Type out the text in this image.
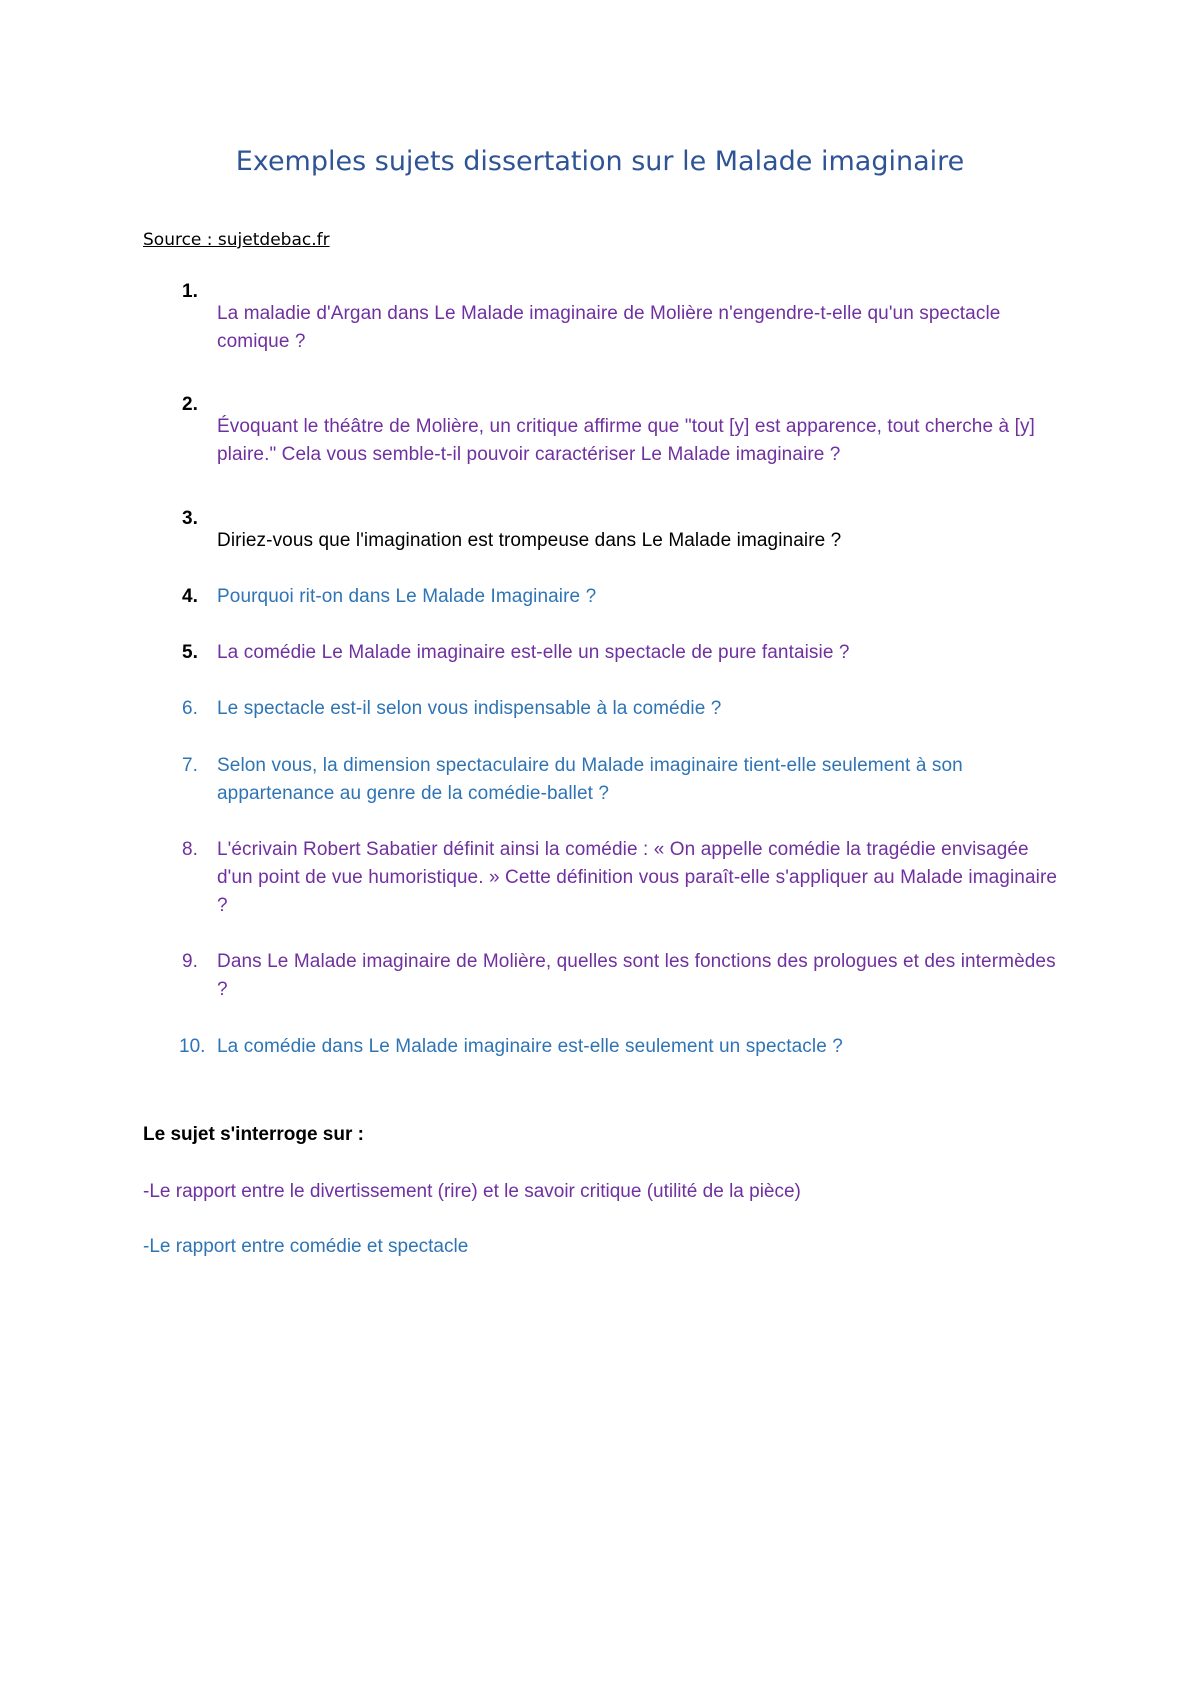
Exemples sujets dissertation sur le Malade imaginaire
Source : sujetdebac.fr
1.
La maladie d'Argan dans Le Malade imaginaire de Molière n'engendre-t-elle qu'un spectacle comique ?
2.
Évoquant le théâtre de Molière, un critique affirme que "tout [y] est apparence, tout cherche à [y] plaire." Cela vous semble-t-il pouvoir caractériser Le Malade imaginaire ?
3.
Diriez-vous que l'imagination est trompeuse dans Le Malade imaginaire ?
4. Pourquoi rit-on dans Le Malade Imaginaire ?
5. La comédie Le Malade imaginaire est-elle un spectacle de pure fantaisie ?
6. Le spectacle est-il selon vous indispensable à la comédie ?
7. Selon vous, la dimension spectaculaire du Malade imaginaire tient-elle seulement à son appartenance au genre de la comédie-ballet ?
8. L'écrivain Robert Sabatier définit ainsi la comédie : « On appelle comédie la tragédie envisagée d'un point de vue humoristique. » Cette définition vous paraît-elle s'appliquer au Malade imaginaire ?
9. Dans Le Malade imaginaire de Molière, quelles sont les fonctions des prologues et des intermèdes ?
10. La comédie dans Le Malade imaginaire est-elle seulement un spectacle ?
Le sujet s'interroge sur :
-Le rapport entre le divertissement (rire) et le savoir critique (utilité de la pièce)
-Le rapport entre comédie et spectacle
